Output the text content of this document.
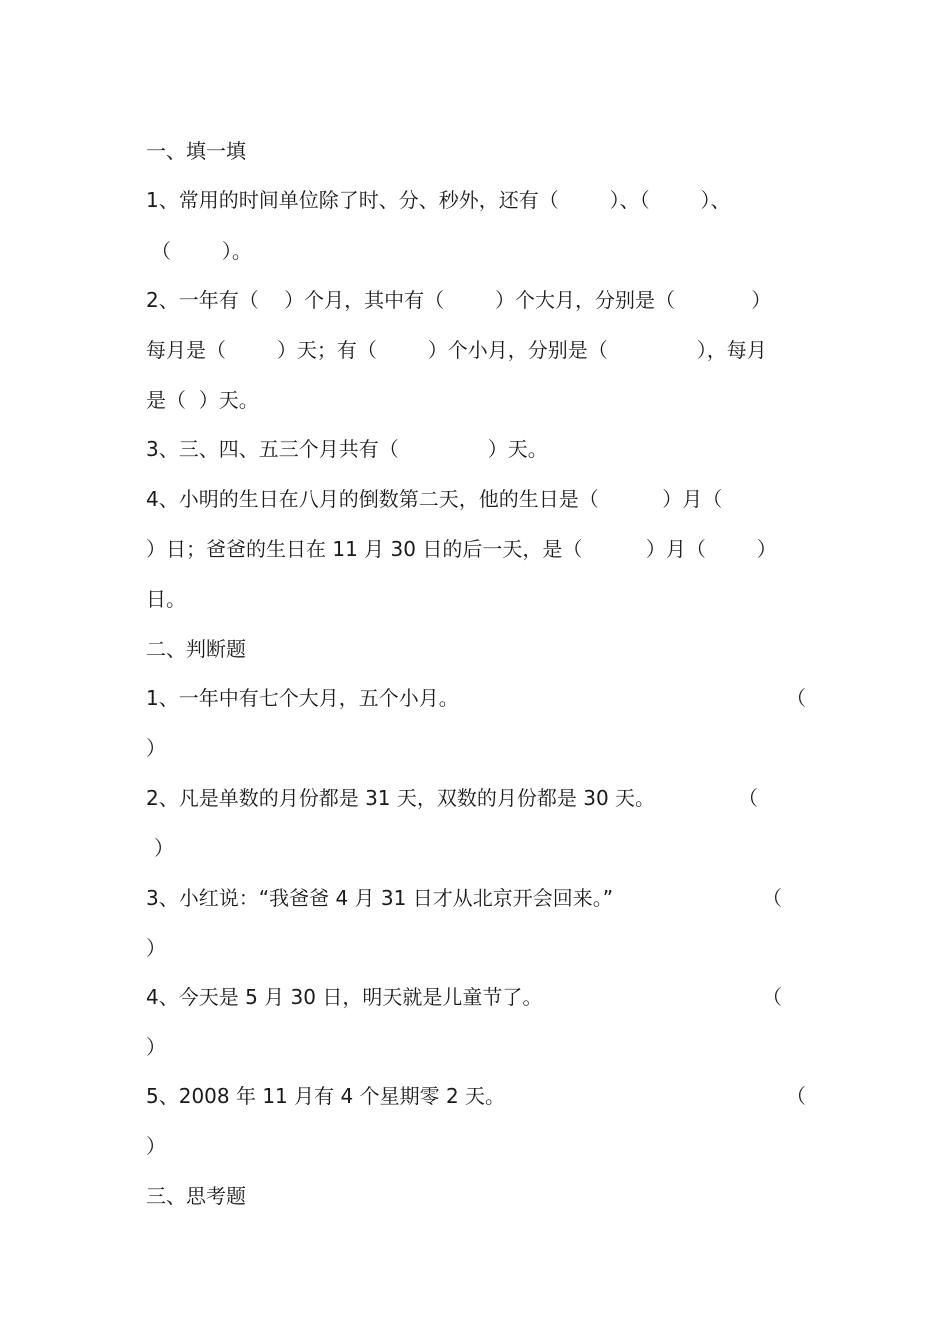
一、填一填
1、常用的时间单位除了时、分、秒外，还有（        ）、（        ）、
（        ）。
2、一年有（    ）个月，其中有（        ）个大月，分别是（            ）
每月是（        ）天；有（        ）个小月，分别是（              ），每月
是（  ）天。
3、三、四、五三个月共有（              ）天。
4、小明的生日在八月的倒数第二天，他的生日是（          ）月（
）日；爸爸的生日在 11 月 30 日的后一天，是（          ）月（        ）
日。
二、判断题
1、一年中有七个大月，五个小月。	（
）
2、凡是单数的月份都是 31 天，双数的月份都是 30 天。	（
）
3、小红说：“我爸爸 4 月 31 日才从北京开会回来。”	（
）
4、今天是 5 月 30 日，明天就是儿童节了。	（
）
5、2008 年 11 月有 4 个星期零 2 天。	（
）
三、思考题
